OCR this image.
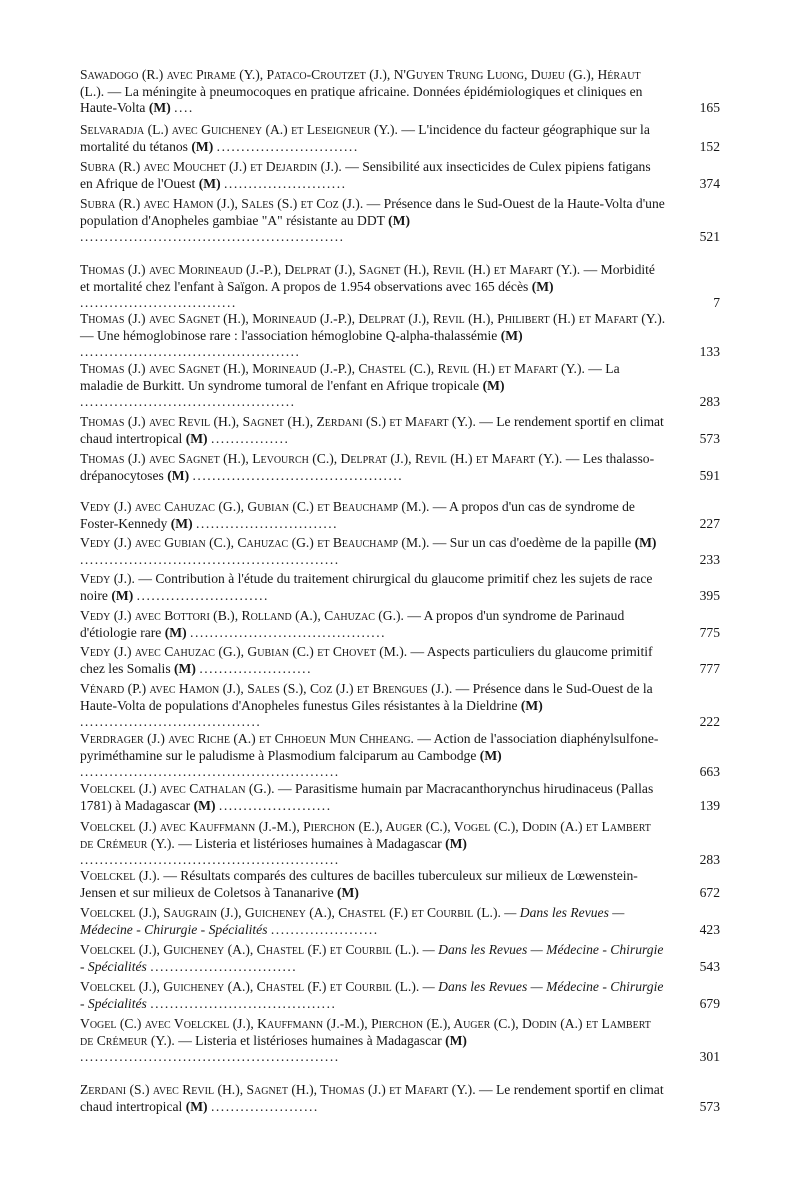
Sawadogo (R.) avec Pirame (Y.), Pataco-Croutzet (J.), N'Guyen Trung Luong, Dujeu (G.), Héraut (L.). — La méningite à pneumocoques en pratique africaine. Données épidémiologiques et cliniques en Haute-Volta (M) ....	165
Selvaradja (L.) avec Guicheney (A.) et Leseigneur (Y.). — L'incidence du facteur géographique sur la mortalité du tétanos (M) .............................	152
Subra (R.) avec Mouchet (J.) et Dejardin (J.). — Sensibilité aux insecticides de Culex pipiens fatigans en Afrique de l'Ouest (M) .........................	374
Subra (R.) avec Hamon (J.), Sales (S.) et Coz (J.). — Présence dans le Sud-Ouest de la Haute-Volta d'une population d'Anopheles gambiae "A" résistante au DDT (M) ......................................................	521
Thomas (J.) avec Morineaud (J.-P.), Delprat (J.), Sagnet (H.), Revil (H.) et Mafart (Y.). — Morbidité et mortalité chez l'enfant à Saïgon. A propos de 1.954 observations avec 165 décès (M) ................................	7
Thomas (J.) avec Sagnet (H.), Morineaud (J.-P.), Delprat (J.), Revil (H.), Philibert (H.) et Mafart (Y.). — Une hémoglobinose rare : l'association hémoglobine Q-alpha-thalassémie (M) .............................................	133
Thomas (J.) avec Sagnet (H.), Morineaud (J.-P.), Chastel (C.), Revil (H.) et Mafart (Y.). — La maladie de Burkitt. Un syndrome tumoral de l'enfant en Afrique tropicale (M) ............................................	283
Thomas (J.) avec Revil (H.), Sagnet (H.), Zerdani (S.) et Mafart (Y.). — Le rendement sportif en climat chaud intertropical (M) ................	573
Thomas (J.) avec Sagnet (H.), Levourch (C.), Delprat (J.), Revil (H.) et Mafart (Y.). — Les thalasso-drépanocytoses (M) ...........................................	591
Vedy (J.) avec Cahuzac (G.), Gubian (C.) et Beauchamp (M.). — A propos d'un cas de syndrome de Foster-Kennedy (M) .............................	227
Vedy (J.) avec Gubian (C.), Cahuzac (G.) et Beauchamp (M.). — Sur un cas d'oedème de la papille (M) .....................................................	233
Vedy (J.). — Contribution à l'étude du traitement chirurgical du glaucome primitif chez les sujets de race noire (M) ...........................	395
Vedy (J.) avec Bottori (B.), Rolland (A.), Cahuzac (G.). — A propos d'un syndrome de Parinaud d'étiologie rare (M) ........................................	775
Vedy (J.) avec Cahuzac (G.), Gubian (C.) et Chovet (M.). — Aspects particuliers du glaucome primitif chez les Somalis (M) .......................	777
Vénard (P.) avec Hamon (J.), Sales (S.), Coz (J.) et Brengues (J.). — Présence dans le Sud-Ouest de la Haute-Volta de populations d'Anopheles funestus Giles résistantes à la Dieldrine (M) .....................................	222
Verdrager (J.) avec Riche (A.) et Chhoeun Mun Chheang. — Action de l'association diaphénylsulfone-pyriméthamine sur le paludisme à Plasmodium falciparum au Cambodge (M) .....................................................	663
Voelckel (J.) avec Cathalan (G.). — Parasitisme humain par Macracanthorynchus hirudinaceus (Pallas 1781) à Madagascar (M) .......................	139
Voelckel (J.) avec Kauffmann (J.-M.), Pierchon (E.), Auger (C.), Vogel (C.), Dodin (A.) et Lambert de Crémeur (Y.). — Listeria et listérioses humaines à Madagascar (M) .....................................................	283
Voelckel (J.). — Résultats comparés des cultures de bacilles tuberculeux sur milieux de Lœwenstein-Jensen et sur milieux de Coletsos à Tananarive (M)	672
Voelckel (J.), Saugrain (J.), Guicheney (A.), Chastel (F.) et Courbil (L.). — Dans les Revues — Médecine - Chirurgie - Spécialités ......................	423
Voelckel (J.), Guicheney (A.), Chastel (F.) et Courbil (L.). — Dans les Revues — Médecine - Chirurgie - Spécialités ..............................	543
Voelckel (J.), Guicheney (A.), Chastel (F.) et Courbil (L.). — Dans les Revues — Médecine - Chirurgie - Spécialités ......................................	679
Vogel (C.) avec Voelckel (J.), Kauffmann (J.-M.), Pierchon (E.), Auger (C.), Dodin (A.) et Lambert de Crémeur (Y.). — Listeria et listérioses humaines à Madagascar (M) .....................................................	301
Zerdani (S.) avec Revil (H.), Sagnet (H.), Thomas (J.) et Mafart (Y.). — Le rendement sportif en climat chaud intertropical (M) ......................	573
